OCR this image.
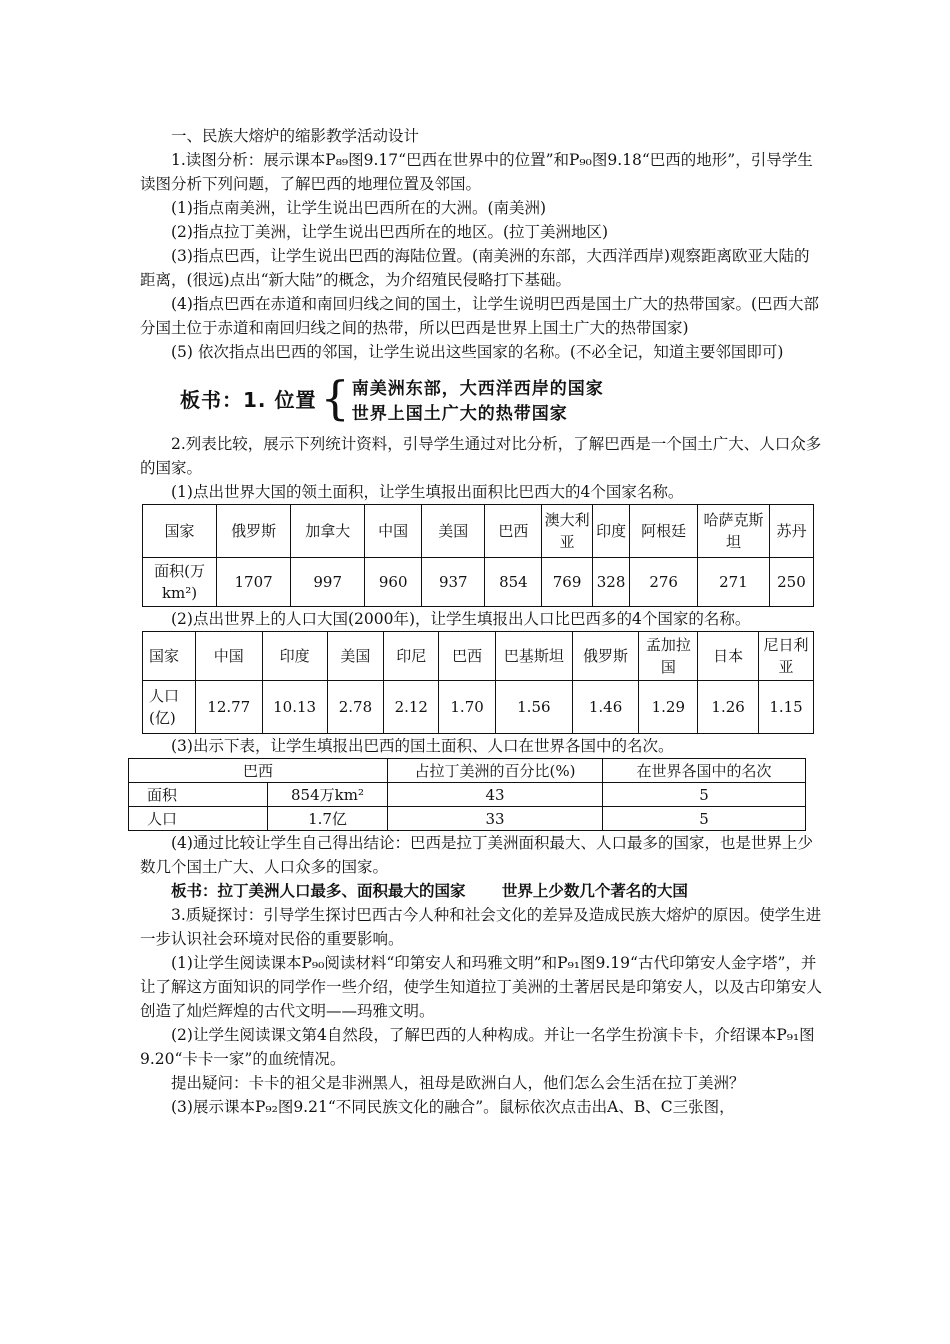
一、民族大熔炉的缩影教学活动设计

1.读图分析：展示课本P₈₉图9.17“巴西在世界中的位置”和P₉₀图9.18“巴西的地形”，引导学生读图分析下列问题，了解巴西的地理位置及邻国。

(1)指点南美洲，让学生说出巴西所在的大洲。(南美洲)

(2)指点拉丁美洲，让学生说出巴西所在的地区。(拉丁美洲地区)

(3)指点巴西，让学生说出巴西的海陆位置。(南美洲的东部，大西洋西岸)观察距离欧亚大陆的距离，(很远)点出“新大陆”的概念，为介绍殖民侵略打下基础。

(4)指点巴西在赤道和南回归线之间的国土，让学生说明巴西是国土广大的热带国家。(巴西大部分国土位于赤道和南回归线之间的热带，所以巴西是世界上国土广大的热带国家)

(5) 依次指点出巴西的邻国，让学生说出这些国家的名称。(不必全记，知道主要邻国即可)

板书：1. 位置 { 南美洲东部，大西洋西岸的国家
世界上国土广大的热带国家

2.列表比较，展示下列统计资料，引导学生通过对比分析，了解巴西是一个国土广大、人口众多的国家。

(1)点出世界大国的领土面积，让学生填报出面积比巴西大的4个国家名称。

国家	俄罗斯	加拿大	中国	美国	巴西	澳大利亚	印度	阿根廷	哈萨克斯坦	苏丹
面积(万km²)	1707	997	960	937	854	769	328	276	271	250

(2)点出世界上的人口大国(2000年)，让学生填报出人口比巴西多的4个国家的名称。

国家	中国	印度	美国	印尼	巴西	巴基斯坦	俄罗斯	孟加拉国	日本	尼日利亚
人口(亿)	12.77	10.13	2.78	2.12	1.70	1.56	1.46	1.29	1.26	1.15

(3)出示下表，让学生填报出巴西的国土面积、人口在世界各国中的名次。

巴西		占拉丁美洲的百分比(%)	在世界各国中的名次
面积	854万km²	43	5
人口	1.7亿	33	5

(4)通过比较让学生自己得出结论：巴西是拉丁美洲面积最大、人口最多的国家，也是世界上少数几个国土广大、人口众多的国家。

板书：拉丁美洲人口最多、面积最大的国家　　 世界上少数几个著名的大国

3.质疑探讨：引导学生探讨巴西古今人种和社会文化的差异及造成民族大熔炉的原因。使学生进一步认识社会环境对民俗的重要影响。

(1)让学生阅读课本P₉₀阅读材料“印第安人和玛雅文明”和P₉₁图9.19“古代印第安人金字塔”，并让了解这方面知识的同学作一些介绍，使学生知道拉丁美洲的土著居民是印第安人，以及古印第安人创造了灿烂辉煌的古代文明——玛雅文明。

(2)让学生阅读课文第4自然段，了解巴西的人种构成。并让一名学生扮演卡卡，介绍课本P₉₁图9.20“卡卡一家”的血统情况。

提出疑问：卡卡的祖父是非洲黑人，祖母是欧洲白人，他们怎么会生活在拉丁美洲？

(3)展示课本P₉₂图9.21“不同民族文化的融合”。鼠标依次点击出A、B、C三张图，
